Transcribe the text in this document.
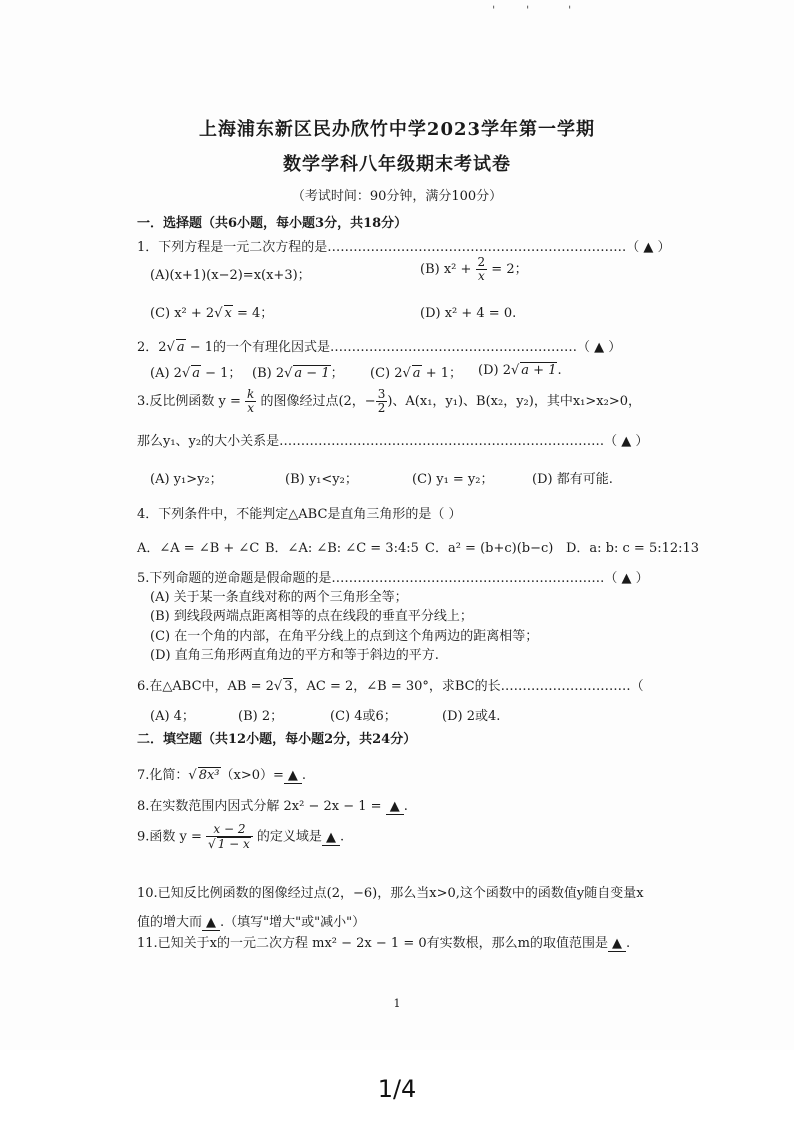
ˈ	ˈ	ˈ
上海浦东新区民办欣竹中学2023学年第一学期
数学学科八年级期末考试卷
（考试时间：90分钟，满分100分）
一．选择题（共6小题，每小题3分，共18分）
1．下列方程是一元二次方程的是……………………………………………………………（ ▲ ）
(A)(x+1)(x−2)=x(x+3)；	(B) $x^2 + \frac{2}{x} = 2$；
(C) x² + 2√ x = 4；	(D) x² + 4 = 0.
2．2√ a − 1的一个有理化因式是…………………………………………………（ ▲ ）
(A) 2√ a − 1； (B) 2√ a − 1； (C) 2√ a + 1； (D) 2√ a + 1.
3.反比例函数 $y = \frac{k}{x}$ 的图像经过点(2，− $\frac{3}{2}$ )、A(x₁，y₁)、B(x₂，y₂)，其中x₁>x₂>0，
那么y₁、y₂的大小关系是…………………………………………………………………（ ▲ ）
(A) y₁>y₂；	(B) y₁<y₂；	(C) y₁ = y₂；	(D) 都有可能.
4．下列条件中，不能判定△ABC是直角三角形的是（ ）
A．∠A = ∠B + ∠C B．∠A: ∠B: ∠C = 3:4:5 C．a² = (b+c)(b−c) D．a: b: c = 5:12:13
5.下列命题的逆命题是假命题的是………………………………………………………（ ▲ ）
(A) 关于某一条直线对称的两个三角形全等；
(B) 到线段两端点距离相等的点在线段的垂直平分线上；
(C) 在一个角的内部，在角平分线上的点到这个角两边的距离相等；
(D) 直角三角形两直角边的平方和等于斜边的平方.
6.在△ABC中，AB = 2√ 3，AC = 2，∠B = 30°，求BC的长…………………………（
(A) 4；	(B) 2；	(C) 4或6；	(D) 2或4.
二．填空题（共12小题，每小题2分，共24分）
7.化简：√ 8x³（x>0）= ▲ .
8.在实数范围内因式分解 2x² − 2x − 1 = ▲ .
9.函数 $y = \frac{x - 2}{√ 1 - x}$ 的定义域是 ▲ .
10.已知反比例函数的图像经过点(2，−6)，那么当x>0,这个函数中的函数值y随自变量x
值的增大而 ▲ .（填写"增大"或"减小"）
11.已知关于x的一元二次方程 mx² − 2x − 1 = 0有实数根，那么m的取值范围是 ▲ .
1
1/4
